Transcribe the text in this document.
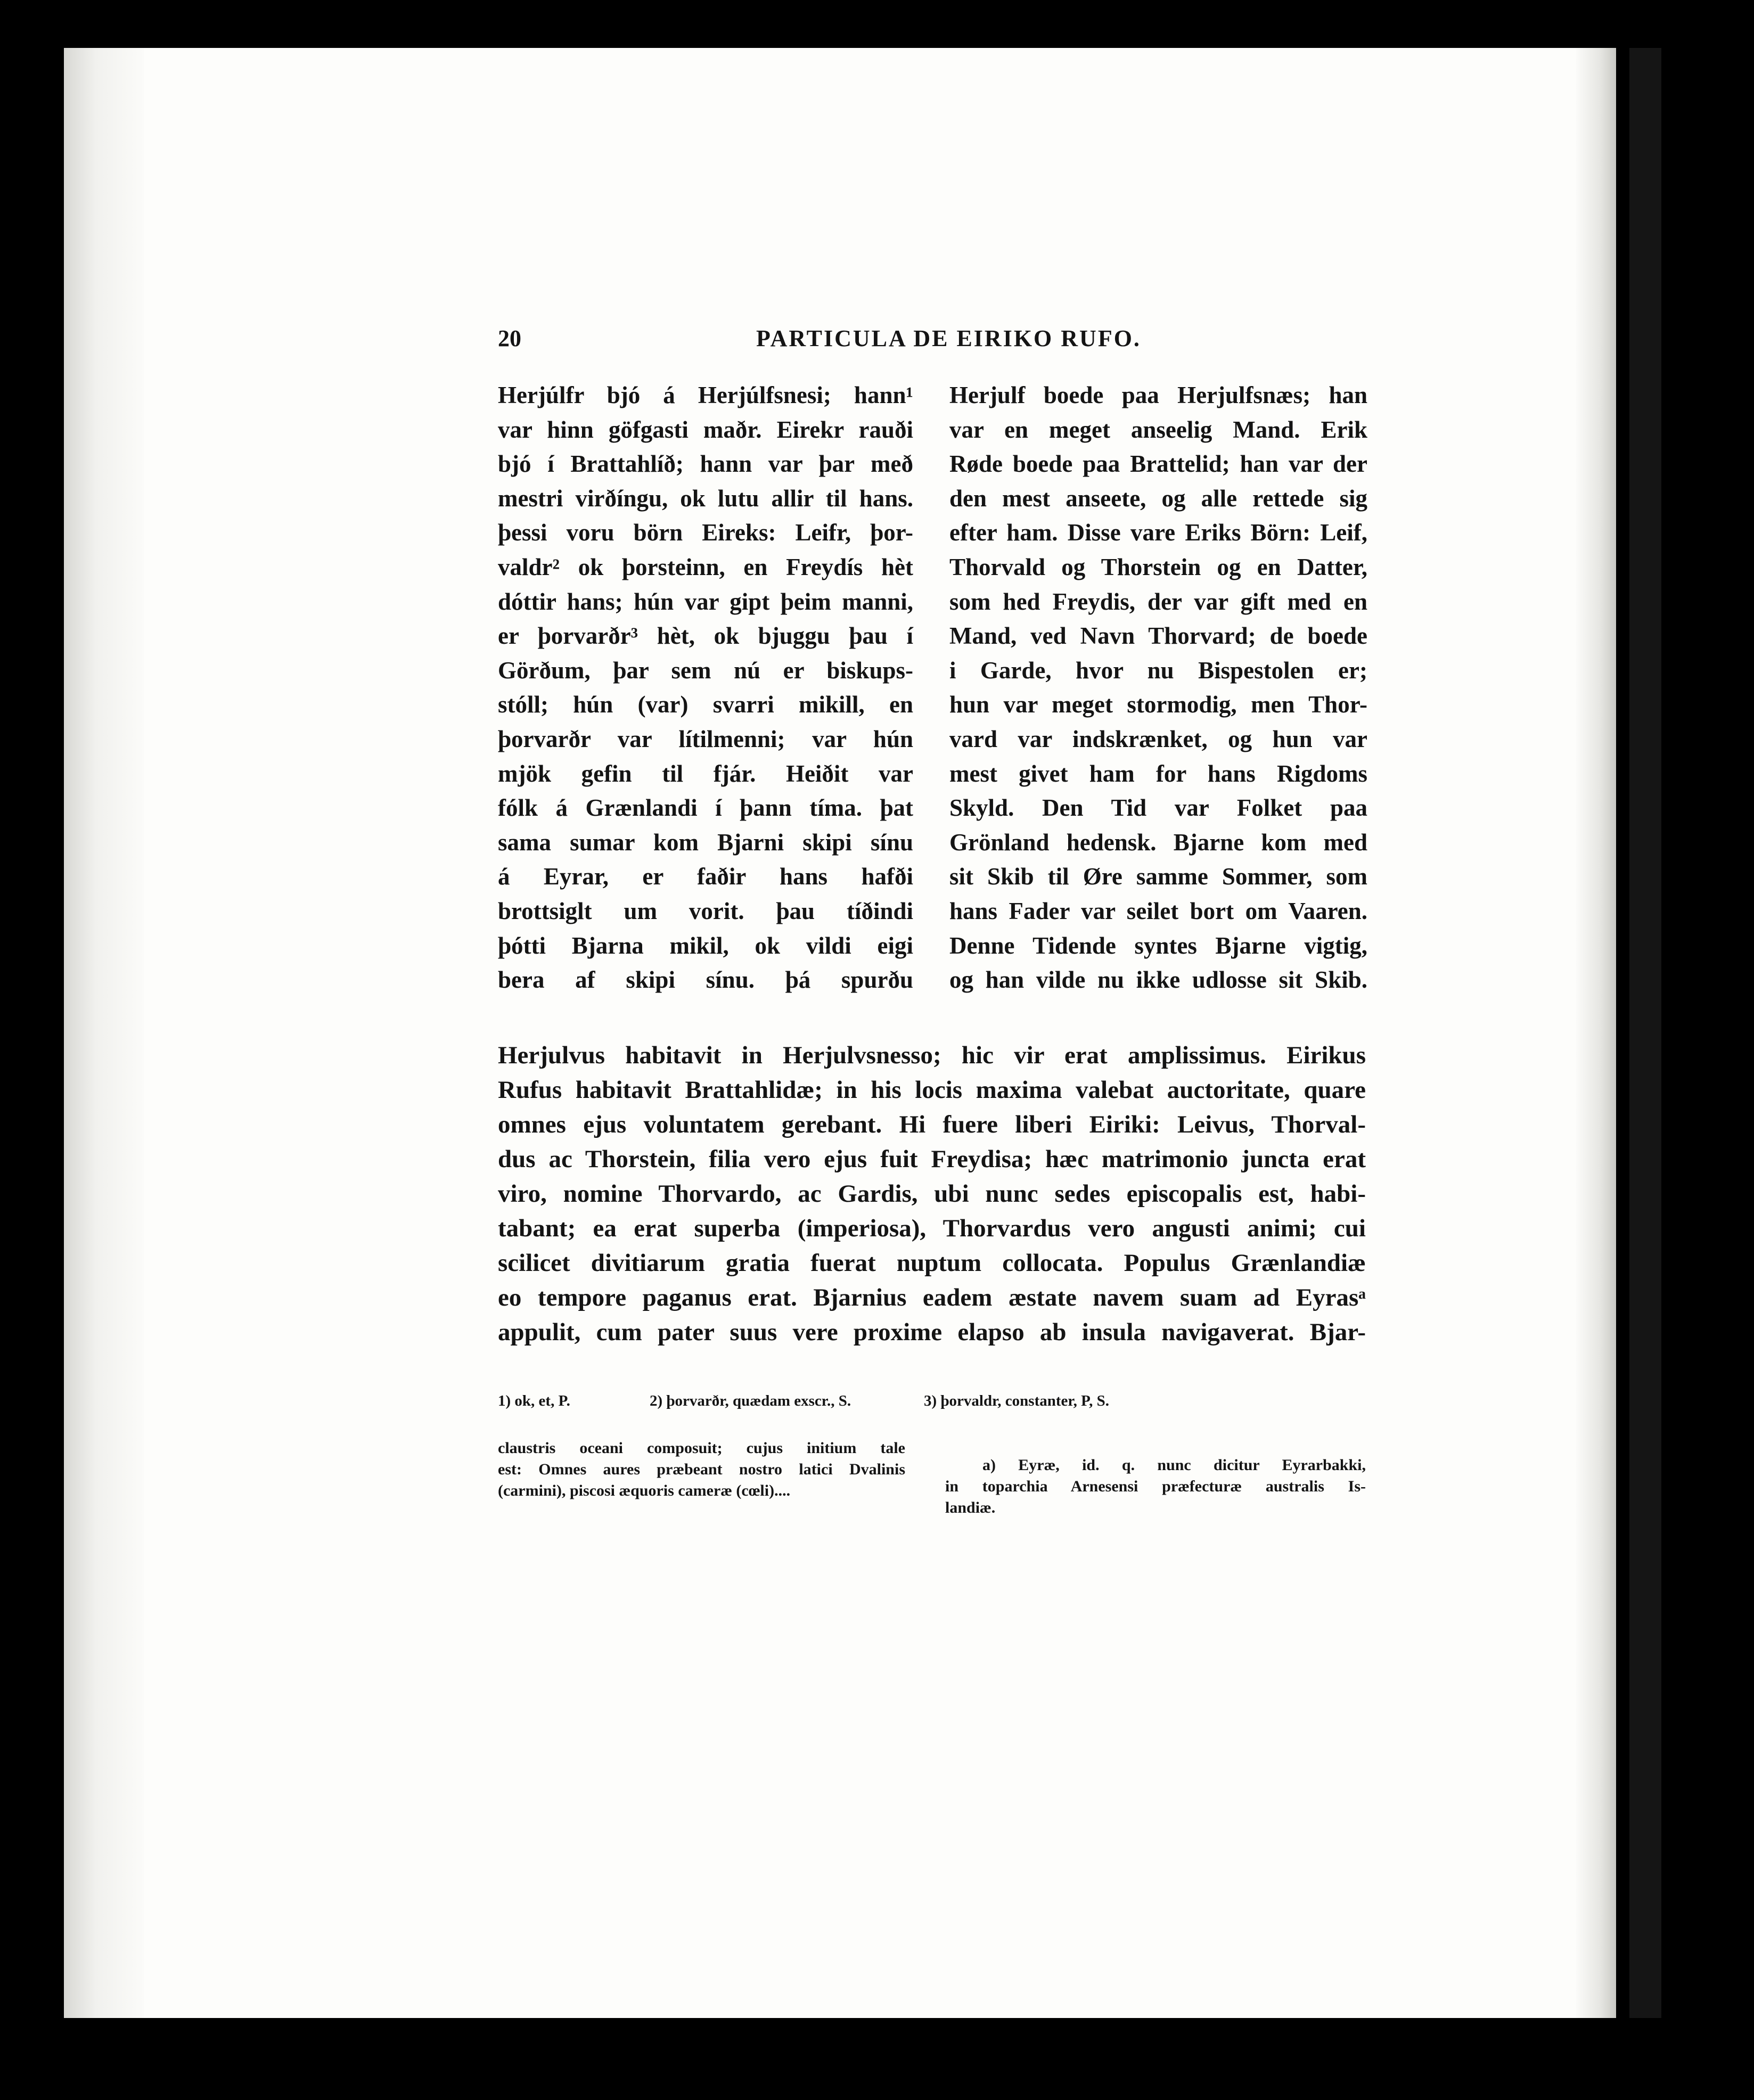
20	PARTICULA DE EIRIKO RUFO.
Herjúlfr bjó á Herjúlfsnesi; hann¹
var hinn göfgasti maðr. Eirekr rauði
bjó í Brattahlíð; hann var þar með
mestri virðíngu, ok lutu allir til hans.
þessi voru börn Eireks: Leifr, þor-
valdr² ok þorsteinn, en Freydís hèt
dóttir hans; hún var gipt þeim manni,
er þorvarðr³ hèt, ok bjuggu þau í
Görðum, þar sem nú er biskups-
stóll; hún (var) svarri mikill, en
þorvarðr var lítilmenni; var hún
mjök gefin til fjár. Heiðit var
fólk á Grænlandi í þann tíma. þat
sama sumar kom Bjarni skipi sínu
á Eyrar, er faðir hans hafði
brottsiglt um vorit. þau tíðindi
þótti Bjarna mikil, ok vildi eigi
bera af skipi sínu. þá spurðu
Herjulf boede paa Herjulfsnæs; han
var en meget anseelig Mand. Erik
Røde boede paa Brattelid; han var der
den mest anseete, og alle rettede sig
efter ham. Disse vare Eriks Börn: Leif,
Thorvald og Thorstein og en Datter,
som hed Freydis, der var gift med en
Mand, ved Navn Thorvard; de boede
i Garde, hvor nu Bispestolen er;
hun var meget stormodig, men Thor-
vard var indskrænket, og hun var
mest givet ham for hans Rigdoms
Skyld. Den Tid var Folket paa
Grönland hedensk. Bjarne kom med
sit Skib til Øre samme Sommer, som
hans Fader var seilet bort om Vaaren.
Denne Tidende syntes Bjarne vigtig,
og han vilde nu ikke udlosse sit Skib.
Herjulvus habitavit in Herjulvsnesso; hic vir erat amplissimus. Eirikus
Rufus habitavit Brattahlidæ; in his locis maxima valebat auctoritate, quare
omnes ejus voluntatem gerebant. Hi fuere liberi Eiriki: Leivus, Thorval-
dus ac Thorstein, filia vero ejus fuit Freydisa; hæc matrimonio juncta erat
viro, nomine Thorvardo, ac Gardis, ubi nunc sedes episcopalis est, habi-
tabant; ea erat superba (imperiosa), Thorvardus vero angusti animi; cui
scilicet divitiarum gratia fuerat nuptum collocata. Populus Grænlandiæ
eo tempore paganus erat. Bjarnius eadem æstate navem suam ad Eyrasᵃ
appulit, cum pater suus vere proxime elapso ab insula navigaverat. Bjar-
1) ok, et, P.	2) þorvarðr, quædam exscr., S.	3) þorvaldr, constanter, P, S.
claustris oceani composuit; cujus initium tale
est: Omnes aures præbeant nostro latici Dvalinis
(carmini), piscosi æquoris cameræ (cœli)....
a) Eyræ, id. q. nunc dicitur Eyrarbakki,
in toparchia Arnesensi præfecturæ australis Is-
landiæ.
